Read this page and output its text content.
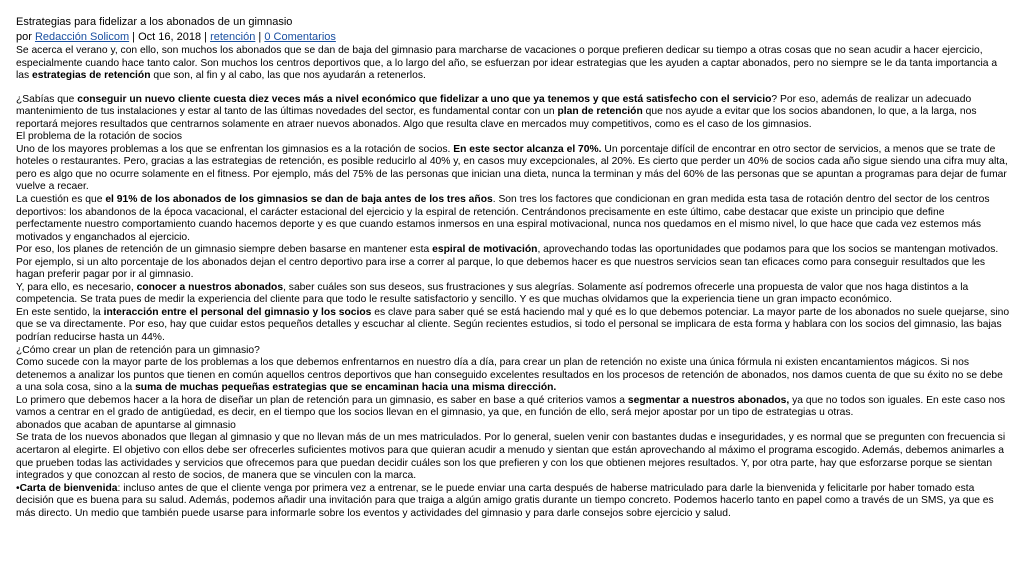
Estrategias para fidelizar a los abonados de un gimnasio
por Redacción Solicom | Oct 16, 2018 | retención | 0 Comentarios

Se acerca el verano y, con ello, son muchos los abonados que se dan de baja del gimnasio para marcharse de vacaciones o porque prefieren dedicar su tiempo a otras cosas que no sean acudir a hacer ejercicio, especialmente cuando hace tanto calor. Son muchos los centros deportivos que, a lo largo del año, se esfuerzan por idear estrategias que les ayuden a captar abonados, pero no siempre se le da tanta importancia a las estrategias de retención que son, al fin y al cabo, las que nos ayudarán a retenerlos.

¿Sabías que conseguir un nuevo cliente cuesta diez veces más a nivel económico que fidelizar a uno que ya tenemos y que está satisfecho con el servicio? Por eso, además de realizar un adecuado mantenimiento de tus instalaciones y estar al tanto de las últimas novedades del sector, es fundamental contar con un plan de retención que nos ayude a evitar que los socios abandonen, lo que, a la larga, nos reportará mejores resultados que centrarnos solamente en atraer nuevos abonados. Algo que resulta clave en mercados muy competitivos, como es el caso de los gimnasios.

El problema de la rotación de socios

Uno de los mayores problemas a los que se enfrentan los gimnasios es a la rotación de socios. En este sector alcanza el 70%. Un porcentaje difícil de encontrar en otro sector de servicios, a menos que se trate de hoteles o restaurantes. Pero, gracias a las estrategias de retención, es posible reducirlo al 40% y, en casos muy excepcionales, al 20%. Es cierto que perder un 40% de socios cada año sigue siendo una cifra muy alta, pero es algo que no ocurre solamente en el fitness. Por ejemplo, más del 75% de las personas que inician una dieta, nunca la terminan y más del 60% de las personas que se apuntan a programas para dejar de fumar vuelve a recaer.

La cuestión es que el 91% de los abonados de los gimnasios se dan de baja antes de los tres años. Son tres los factores que condicionan en gran medida esta tasa de rotación dentro del sector de los centros deportivos: los abandonos de la época vacacional, el carácter estacional del ejercicio y la espiral de retención. Centrándonos precisamente en este último, cabe destacar que existe un principio que define perfectamente nuestro comportamiento cuando hacemos deporte y es que cuando estamos inmersos en una espiral motivacional, nunca nos quedamos en el mismo nivel, lo que hace que cada vez estemos más motivados y enganchados al ejercicio.

Por eso, los planes de retención de un gimnasio siempre deben basarse en mantener esta espiral de motivación, aprovechando todas las oportunidades que podamos para que los socios se mantengan motivados. Por ejemplo, si un alto porcentaje de los abonados dejan el centro deportivo para irse a correr al parque, lo que debemos hacer es que nuestros servicios sean tan eficaces como para conseguir resultados que les hagan preferir pagar por ir al gimnasio.

Y, para ello, es necesario, conocer a nuestros abonados, saber cuáles son sus deseos, sus frustraciones y sus alegrías. Solamente así podremos ofrecerle una propuesta de valor que nos haga distintos a la competencia. Se trata pues de medir la experiencia del cliente para que todo le resulte satisfactorio y sencillo. Y es que muchas olvidamos que la experiencia tiene un gran impacto económico.

En este sentido, la interacción entre el personal del gimnasio y los socios es clave para saber qué se está haciendo mal y qué es lo que debemos potenciar. La mayor parte de los abonados no suele quejarse, sino que se va directamente. Por eso, hay que cuidar estos pequeños detalles y escuchar al cliente. Según recientes estudios, si todo el personal se implicara de esta forma y hablara con los socios del gimnasio, las bajas podrían reducirse hasta un 44%.

¿Cómo crear un plan de retención para un gimnasio?

Como sucede con la mayor parte de los problemas a los que debemos enfrentarnos en nuestro día a día, para crear un plan de retención no existe una única fórmula ni existen encantamientos mágicos. Si nos detenemos a analizar los puntos que tienen en común aquellos centros deportivos que han conseguido excelentes resultados en los procesos de retención de abonados, nos damos cuenta de que su éxito no se debe a una sola cosa, sino a la suma de muchas pequeñas estrategias que se encaminan hacia una misma dirección.

Lo primero que debemos hacer a la hora de diseñar un plan de retención para un gimnasio, es saber en base a qué criterios vamos a segmentar a nuestros abonados, ya que no todos son iguales. En este caso nos vamos a centrar en el grado de antigüedad, es decir, en el tiempo que los socios llevan en el gimnasio, ya que, en función de ello, será mejor apostar por un tipo de estrategias u otras.

abonados que acaban de apuntarse al gimnasio

Se trata de los nuevos abonados que llegan al gimnasio y que no llevan más de un mes matriculados. Por lo general, suelen venir con bastantes dudas e inseguridades, y es normal que se pregunten con frecuencia si acertaron al elegirte. El objetivo con ellos debe ser ofrecerles suficientes motivos para que quieran acudir a menudo y sientan que están aprovechando al máximo el programa escogido. Además, debemos animarles a que prueben todas las actividades y servicios que ofrecemos para que puedan decidir cuáles son los que prefieren y con los que obtienen mejores resultados. Y, por otra parte, hay que esforzarse porque se sientan integrados y que conozcan al resto de socios, de manera que se vinculen con la marca.

•Carta de bienvenida: incluso antes de que el cliente venga por primera vez a entrenar, se le puede enviar una carta después de haberse matriculado para darle la bienvenida y felicitarle por haber tomado esta decisión que es buena para su salud. Además, podemos añadir una invitación para que traiga a algún amigo gratis durante un tiempo concreto. Podemos hacerlo tanto en papel como a través de un SMS, ya que es más directo. Un medio que también puede usarse para informarle sobre los eventos y actividades del gimnasio y para darle consejos sobre ejercicio y salud.
